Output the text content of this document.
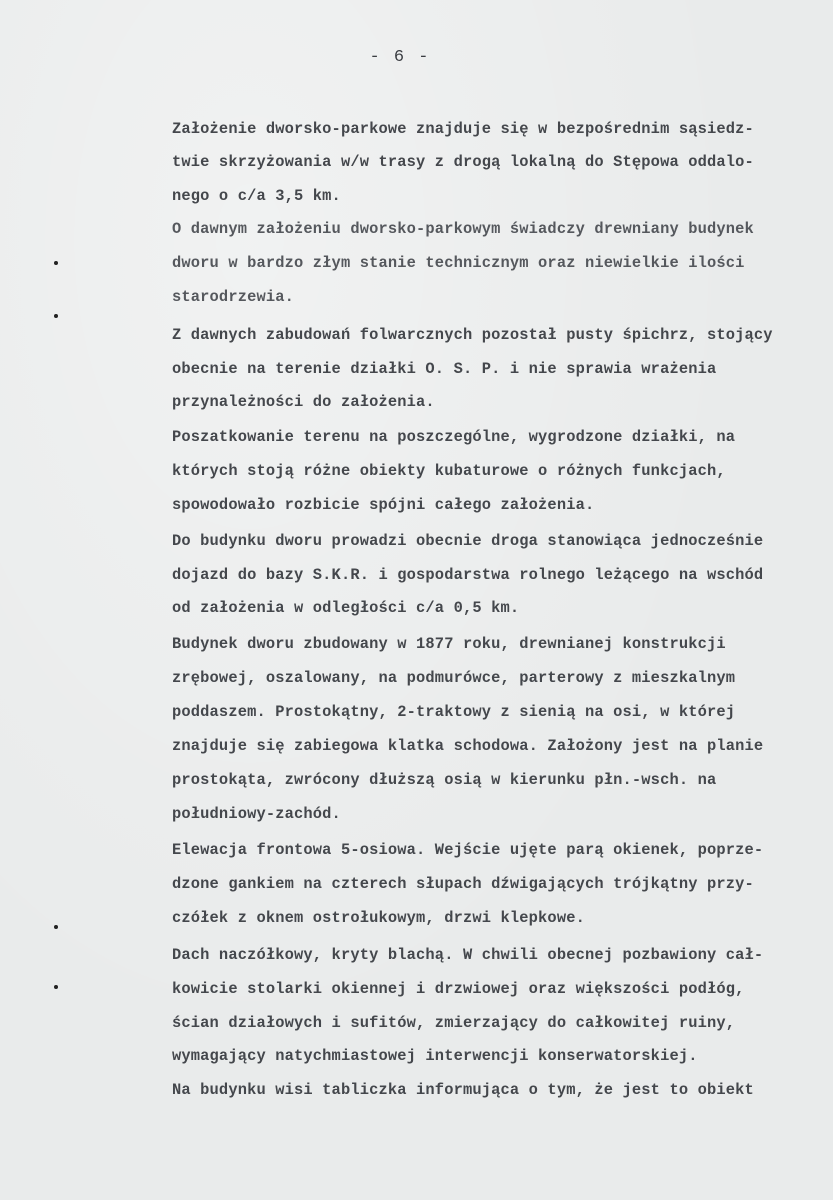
- 6 -
Założenie dworsko-parkowe znajduje się w bezpośrednim sąsiedz-
twie skrzyżowania w/w trasy z drogą lokalną do Stępowa oddalo-
nego o c/a 3,5 km.
O dawnym założeniu dworsko-parkowym świadczy drewniany budynek
dworu w bardzo złym stanie technicznym oraz niewielkie ilości
starodrzewia.
Z dawnych zabudowań folwarcznych pozostał pusty śpichrz, stojący
obecnie na terenie działki O. S. P. i nie sprawia wrażenia
przynależności do założenia.
Poszatkowanie terenu na poszczególne, wygrodzone działki, na
których stoją różne obiekty kubaturowe o różnych funkcjach,
spowodowało rozbicie spójni całego założenia.
Do budynku dworu prowadzi obecnie droga stanowiąca jednocześnie
dojazd do bazy S.K.R. i gospodarstwa rolnego leżącego na wschód
od założenia w odległości c/a 0,5 km.
Budynek dworu zbudowany w 1877 roku, drewnianej konstrukcji
zrębowej, oszalowany, na podmurówce, parterowy z mieszkalnym
poddaszem. Prostokątny, 2-traktowy z sienią na osi, w której
znajduje się zabiegowa klatka schodowa. Założony jest na planie
prostokąta, zwrócony dłuższą osią w kierunku płn.-wsch. na
południowy-zachód.
Elewacja frontowa 5-osiowa. Wejście ujęte parą okienek, poprze-
dzone gankiem na czterech słupach dźwigających trójkątny przy-
czółek z oknem ostrołukowym, drzwi klepkowe.
Dach naczółkowy, kryty blachą. W chwili obecnej pozbawiony cał-
kowicie stolarki okiennej i drzwiowej oraz większości podłóg,
ścian działowych i sufitów, zmierzający do całkowitej ruiny,
wymagający natychmiastowej interwencji konserwatorskiej.
Na budynku wisi tabliczka informująca o tym, że jest to obiekt
